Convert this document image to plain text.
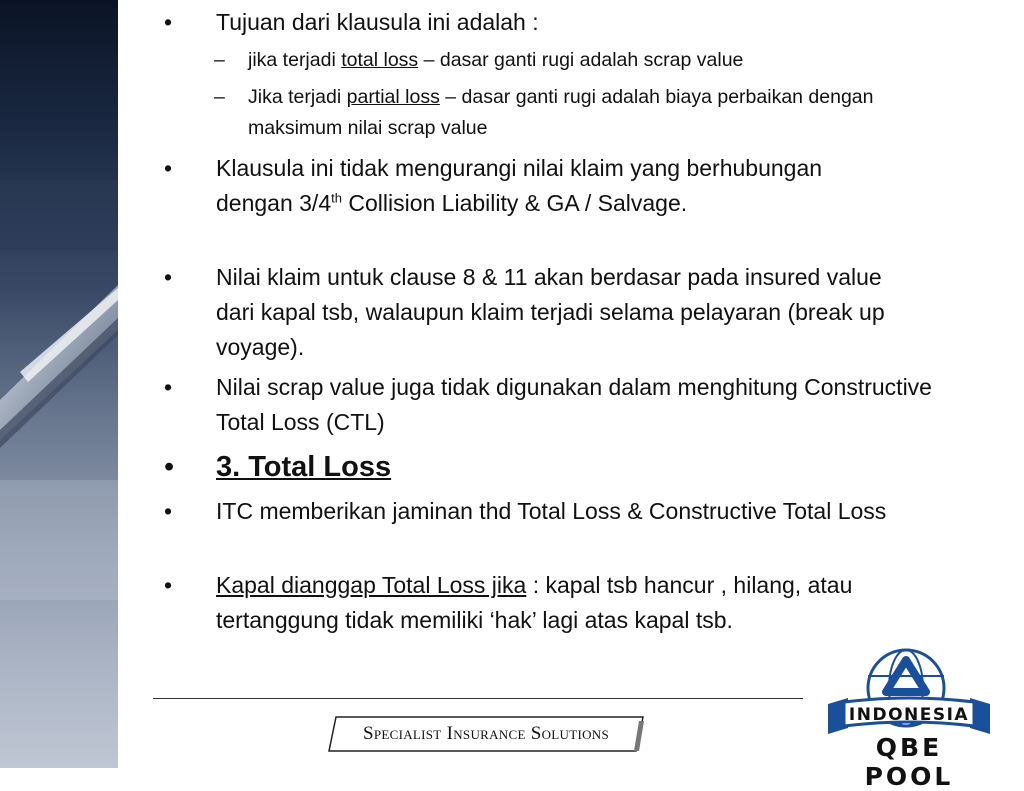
•	Tujuan dari klausula ini adalah :
– jika terjadi total loss – dasar ganti rugi adalah scrap value
– Jika terjadi partial loss – dasar ganti rugi adalah biaya perbaikan dengan maksimum nilai scrap value
•	Klausula ini tidak mengurangi nilai klaim yang berhubungan dengan 3/4th Collision Liability & GA / Salvage.
•	Nilai klaim untuk clause 8 & 11 akan berdasar pada insured value dari kapal tsb, walaupun klaim terjadi selama pelayaran (break up voyage).
•	Nilai scrap value juga tidak digunakan dalam menghitung Constructive Total Loss (CTL)
•	3. Total Loss
•	ITC memberikan jaminan thd Total Loss & Constructive Total Loss
•	Kapal dianggap Total Loss jika : kapal tsb hancur , hilang, atau tertanggung tidak memiliki ‘hak’ lagi atas kapal tsb.
Specialist Insurance Solutions
INDONESIA
QBE POOL
